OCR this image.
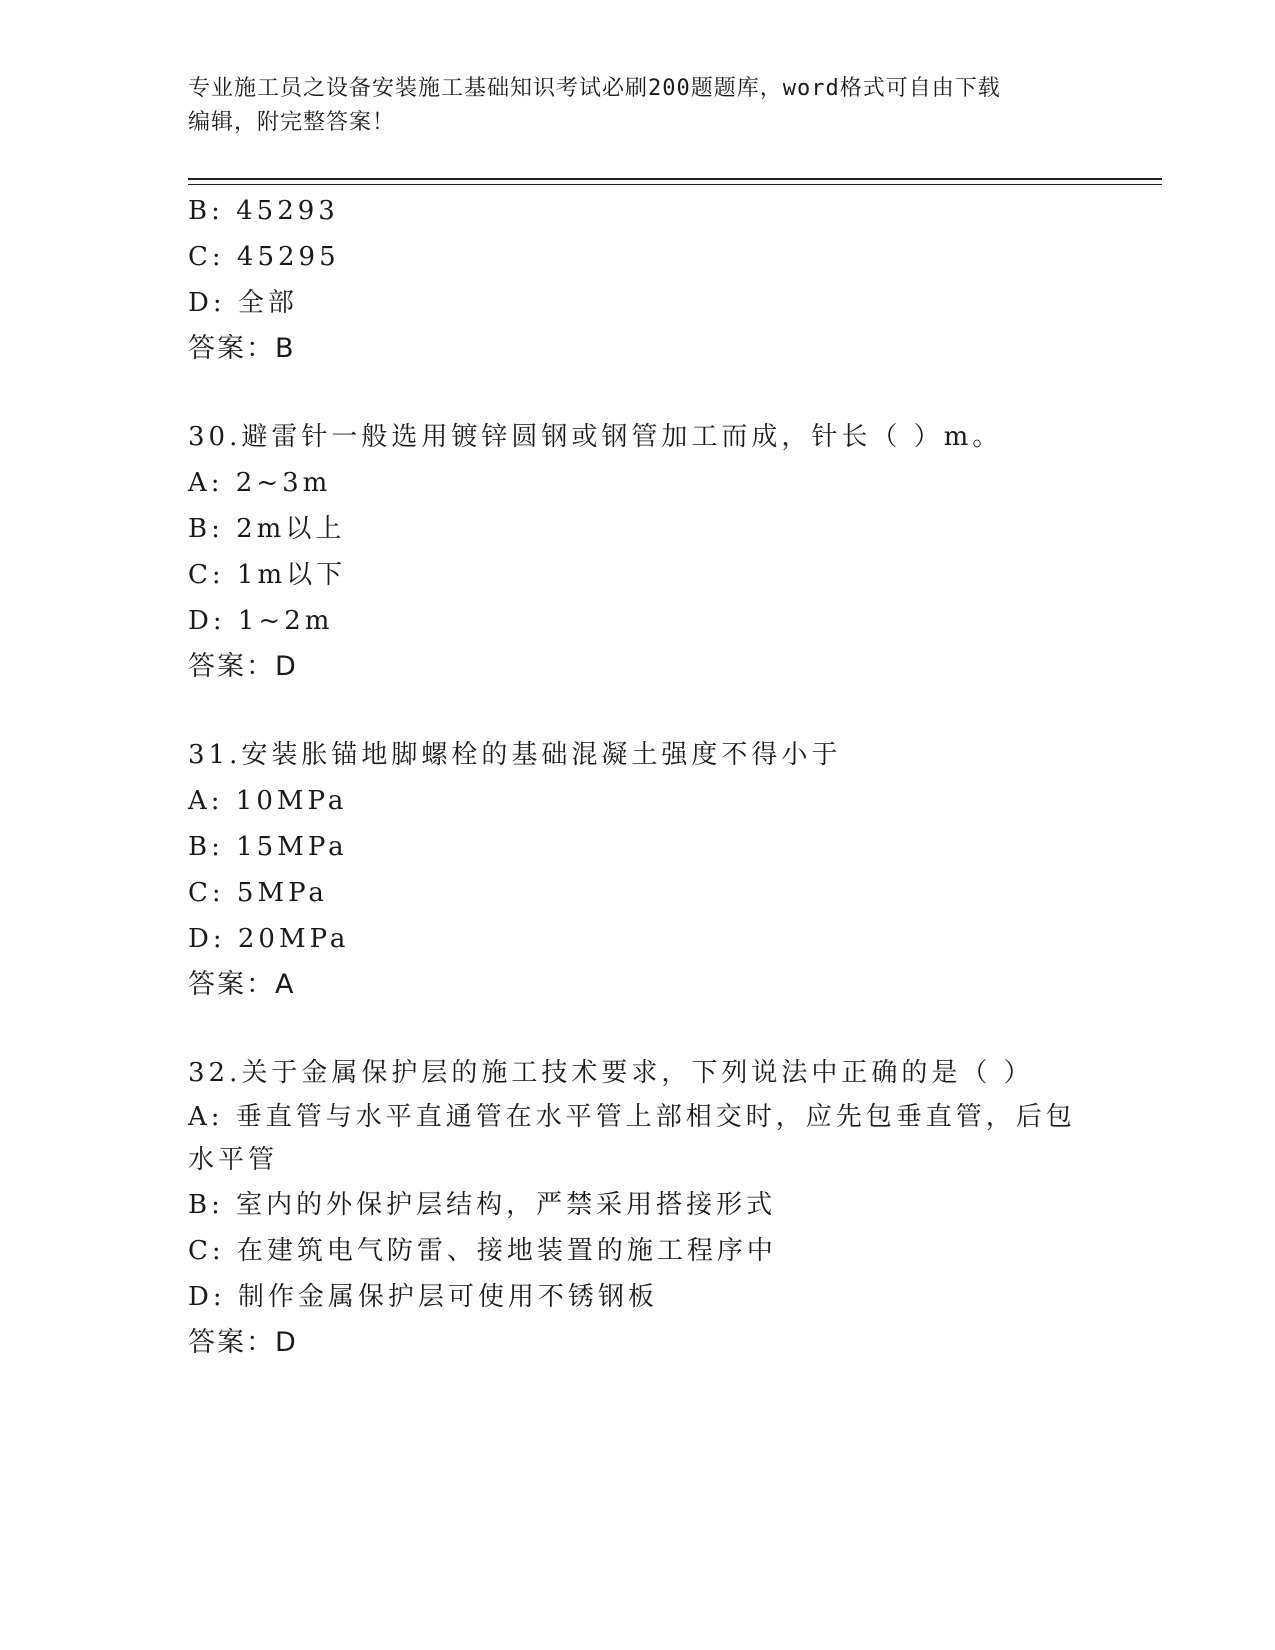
专业施工员之设备安装施工基础知识考试必刷200题题库，word格式可自由下载
编辑，附完整答案！
B: 45293
C: 45295
D: 全部
答案：B
30.避雷针一般选用镀锌圆钢或钢管加工而成，针长（ ）m。
A: 2~3m
B: 2m以上
C: 1m以下
D: 1~2m
答案：D
31.安装胀锚地脚螺栓的基础混凝土强度不得小于
A: 10MPa
B: 15MPa
C: 5MPa
D: 20MPa
答案：A
32.关于金属保护层的施工技术要求，下列说法中正确的是（ ）
A: 垂直管与水平直通管在水平管上部相交时，应先包垂直管，后包水平管
B: 室内的外保护层结构，严禁采用搭接形式
C: 在建筑电气防雷、接地装置的施工程序中
D: 制作金属保护层可使用不锈钢板
答案：D
